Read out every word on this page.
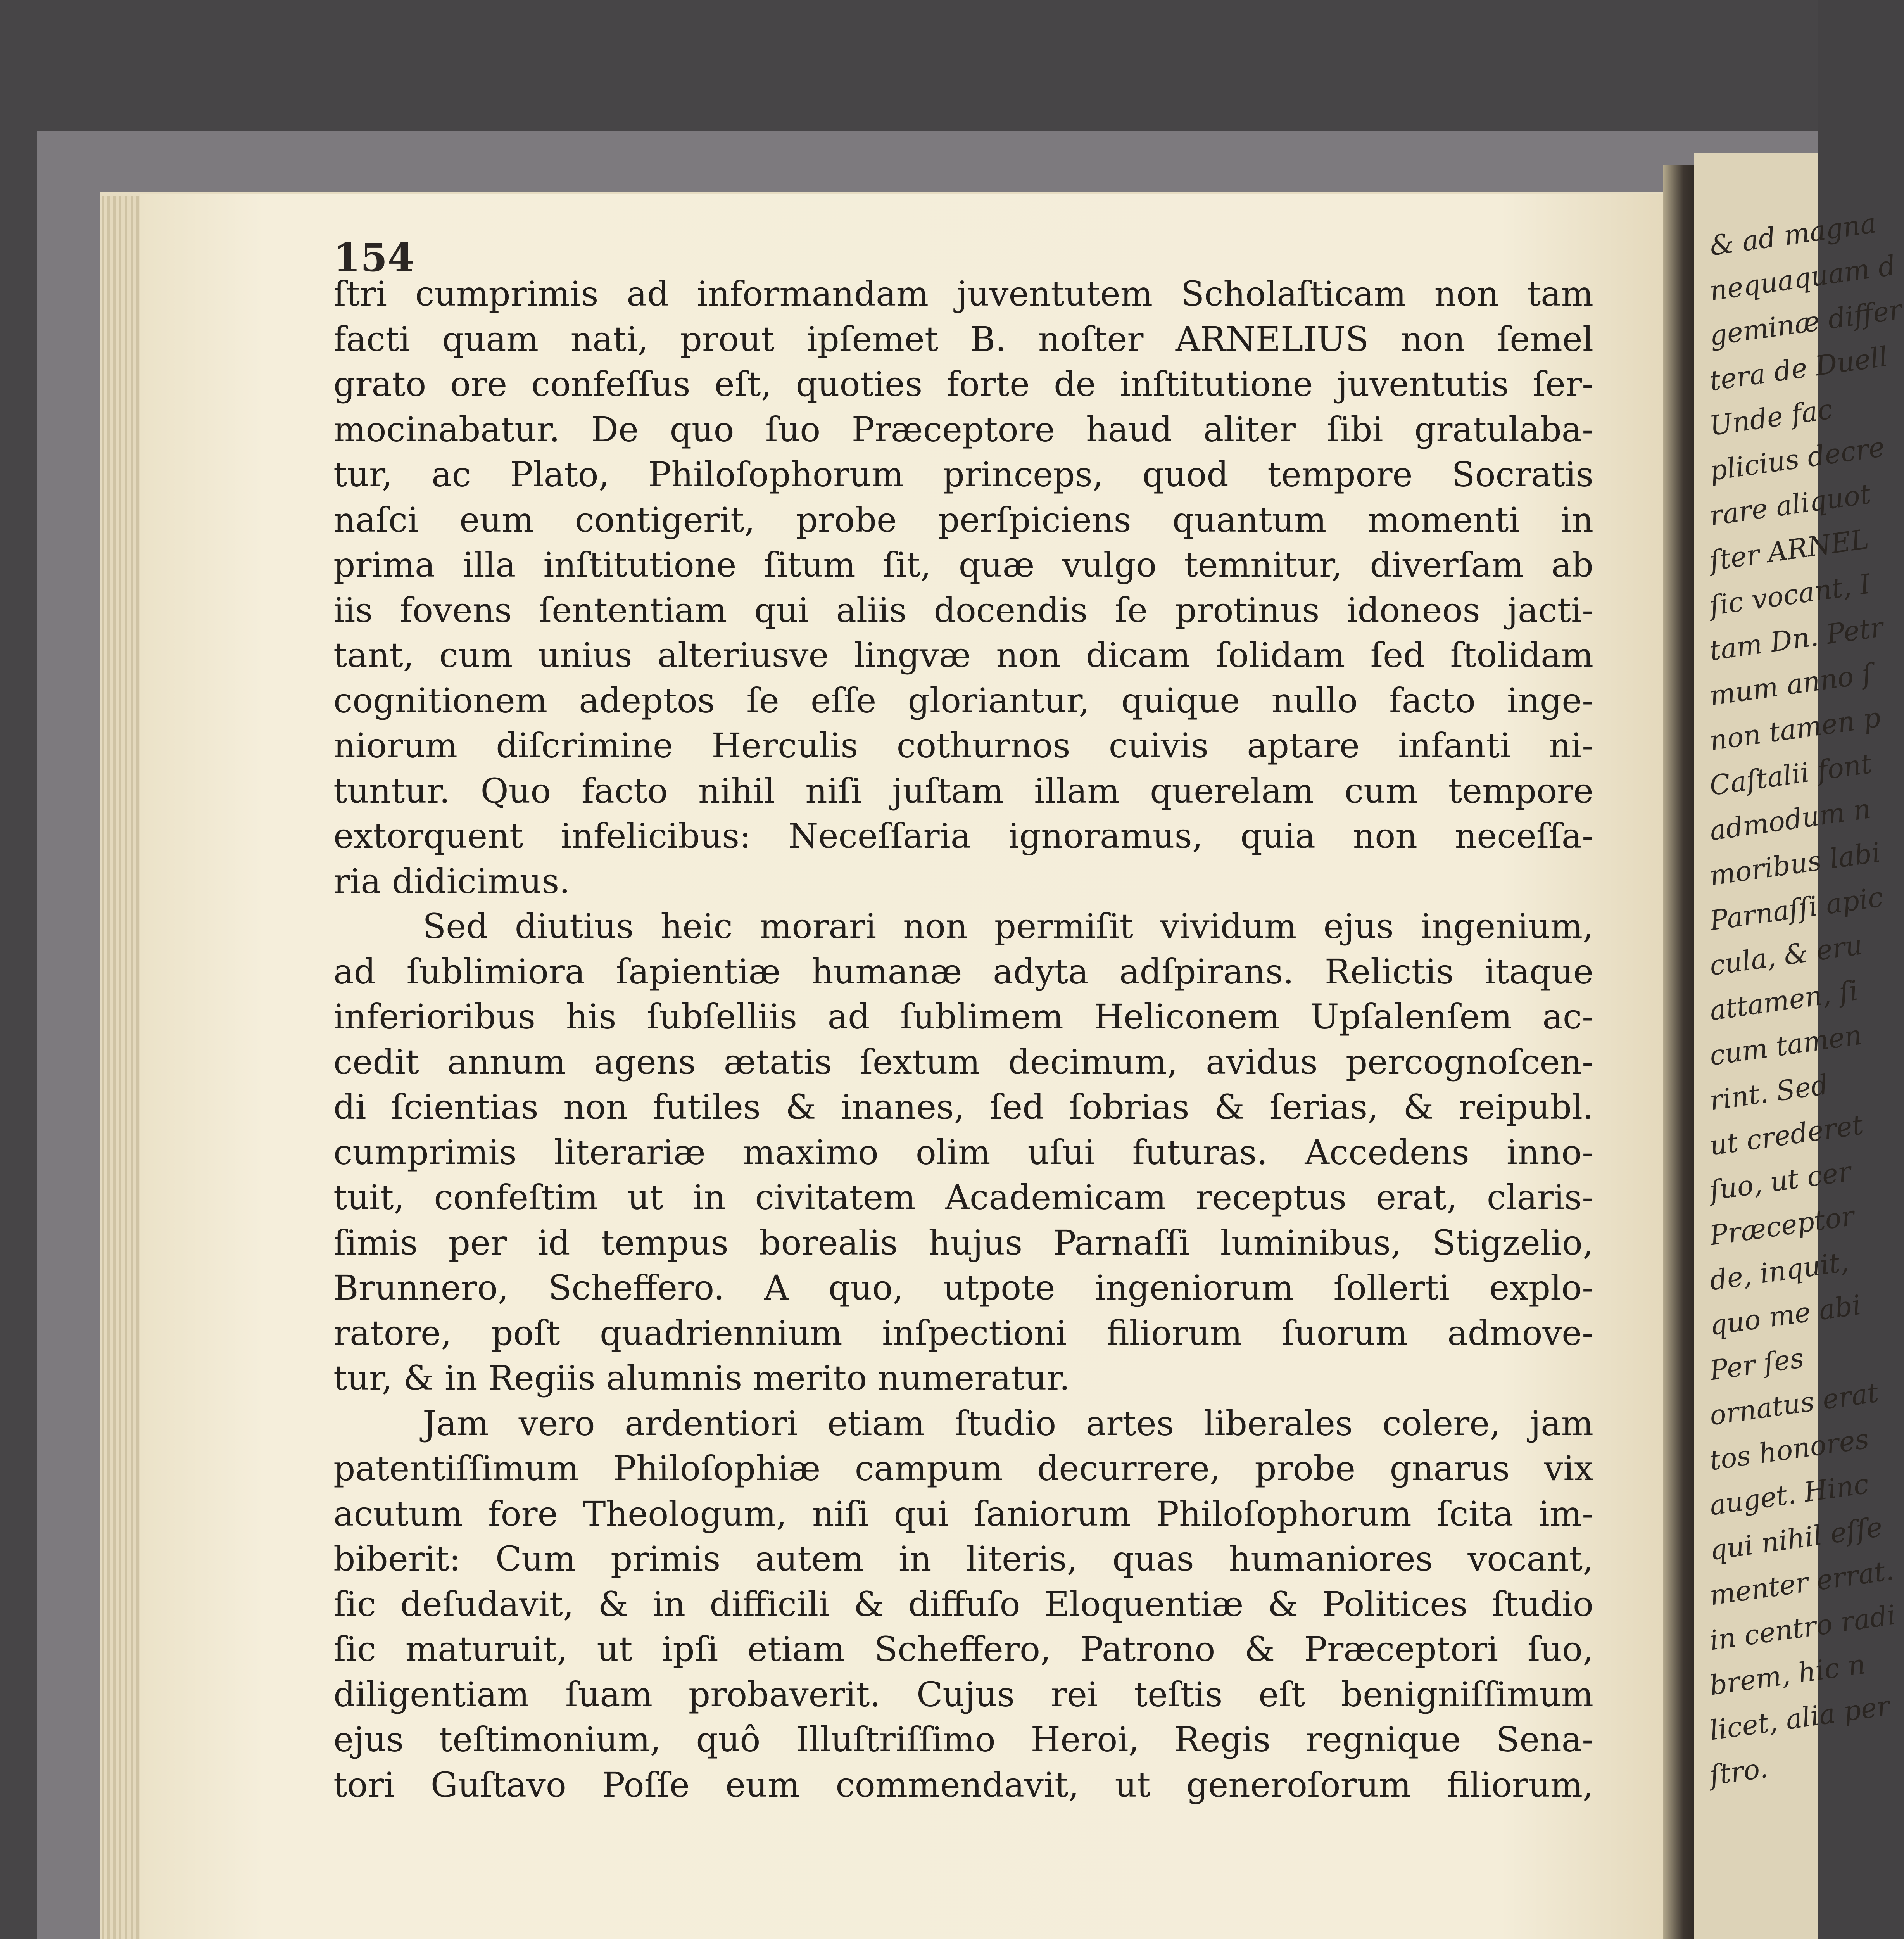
154
ſtri cumprimis ad informandam juventutem Scholaſticam non tam
facti quam nati, prout ipſemet B. noſter ARNELIUS non ſemel
grato ore confeſſus eſt, quoties forte de inſtitutione juventutis ſer-
mocinabatur. De quo ſuo Præceptore haud aliter ſibi gratulaba-
tur, ac Plato, Philoſophorum princeps, quod tempore Socratis
naſci eum contigerit, probe perſpiciens quantum momenti in
prima illa inſtitutione ſitum ſit, quæ vulgo temnitur, diverſam ab
iis fovens ſententiam qui aliis docendis ſe protinus idoneos jacti-
tant, cum unius alteriusve lingvæ non dicam ſolidam ſed ſtolidam
cognitionem adeptos ſe eſſe gloriantur, quique nullo facto inge-
niorum diſcrimine Herculis cothurnos cuivis aptare infanti ni-
tuntur. Quo facto nihil niſi juſtam illam querelam cum tempore
extorquent infelicibus: Neceſſaria ignoramus, quia non neceſſa-
ria didicimus.
Sed diutius heic morari non permiſit vividum ejus ingenium,
ad ſublimiora ſapientiæ humanæ adyta adſpirans. Relictis itaque
inferioribus his ſubſelliis ad ſublimem Heliconem Upſalenſem ac-
cedit annum agens ætatis ſextum decimum, avidus percognoſcen-
di ſcientias non futiles & inanes, ſed ſobrias & ſerias, & reipubl.
cumprimis literariæ maximo olim uſui futuras. Accedens inno-
tuit, confeſtim ut in civitatem Academicam receptus erat, claris-
ſimis per id tempus borealis hujus Parnaſſi luminibus, Stigzelio,
Brunnero, Scheffero. A quo, utpote ingeniorum ſollerti explo-
ratore, poſt quadriennium inſpectioni filiorum ſuorum admove-
tur, & in Regiis alumnis merito numeratur.
Jam vero ardentiori etiam ſtudio artes liberales colere, jam
patentiſſimum Philoſophiæ campum decurrere, probe gnarus vix
acutum fore Theologum, niſi qui ſaniorum Philoſophorum ſcita im-
biberit: Cum primis autem in literis, quas humaniores vocant,
ſic deſudavit, & in difficili & diffuſo Eloquentiæ & Politices ſtudio
ſic maturuit, ut ipſi etiam Scheffero, Patrono & Præceptori ſuo,
diligentiam ſuam probaverit. Cujus rei teſtis eſt benigniſſimum
ejus teſtimonium, quô Illuſtriſſimo Heroi, Regis regnique Sena-
tori Guſtavo Poſſe eum commendavit, ut generoſorum filiorum,
& ad magna
nequaquam d
geminæ differ
tera de Duell
Unde fac
plicius decre
rare aliquot
ſter ARNEL
ſic vocant, I
tam Dn. Petr
mum anno ſ
non tamen p
Caſtalii font
admodum n
moribus labi
Parnaſſi apic
cula, & eru
attamen, ſi
cum tamen
rint. Sed
ut crederet
ſuo, ut cer
Præceptor
de, inquit,
quo me abi
Per ſes
ornatus erat
tos honores
auget. Hinc
qui nihil eſſe
menter errat.
in centro radi
brem, hic n
licet, alia per
ſtro.
